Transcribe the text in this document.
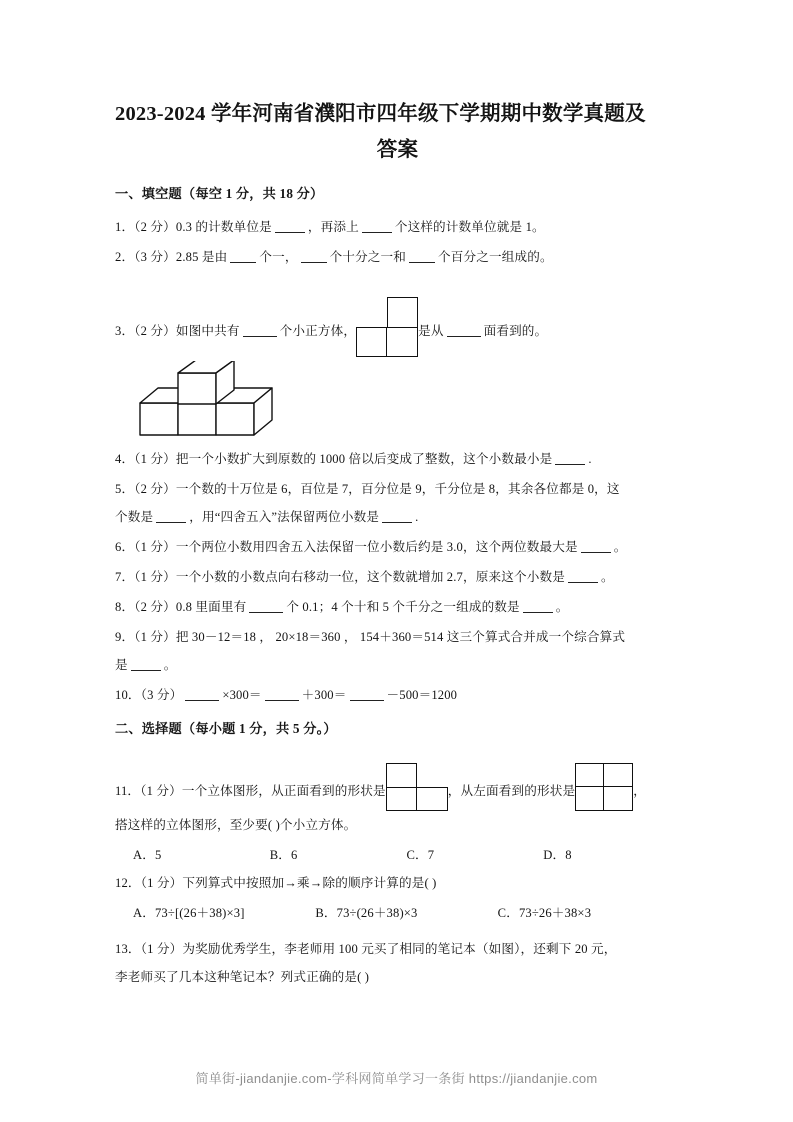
2023-2024 学年河南省濮阳市四年级下学期期中数学真题及
答案
一、填空题（每空 1 分，共 18 分）
1．（2 分）0.3 的计数单位是	，再添上	个这样的计数单位就是 1。
2．（3 分）2.85 是由	个一，	个十分之一和	个百分之一组成的。
3．（2 分）如图中共有	个小正方体，	是从	面看到的。
4．（1 分）把一个小数扩大到原数的 1000 倍以后变成了整数，这个小数最小是	.
5．（2 分）一个数的十万位是 6，百位是 7，百分位是 9，千分位是 8，其余各位都是 0，这
个数是	，用“四舍五入”法保留两位小数是	.
6．（1 分）一个两位小数用四舍五入法保留一位小数后约是 3.0，这个两位数最大是	。
7．（1 分）一个小数的小数点向右移动一位，这个数就增加 2.7，原来这个小数是	。
8．（2 分）0.8 里面里有	个 0.1；4 个十和 5 个千分之一组成的数是	。
9．（1 分）把 30－12＝18 ， 20×18＝360 ， 154＋360＝514 这三个算式合并成一个综合算式
是	。
10．（3 分）	×300＝	＋300＝	－500＝1200
二、选择题（每小题 1 分，共 5 分。）
11．（1 分）一个立体图形，从正面看到的形状是	，从左面看到的形状是	，
搭这样的立体图形，至少要( )个小立方体。
A．5	B．6	C．7	D．8
12．（1 分）下列算式中按照加→乘→除的顺序计算的是( )
A．73÷[(26＋38)×3]	B．73÷(26＋38)×3	C．73÷26＋38×3
13．（1 分）为奖励优秀学生，李老师用 100 元买了相同的笔记本（如图），还剩下 20 元，
李老师买了几本这种笔记本？列式正确的是( )
简单街-jiandanjie.com-学科网简单学习一条街 https://jiandanjie.com
